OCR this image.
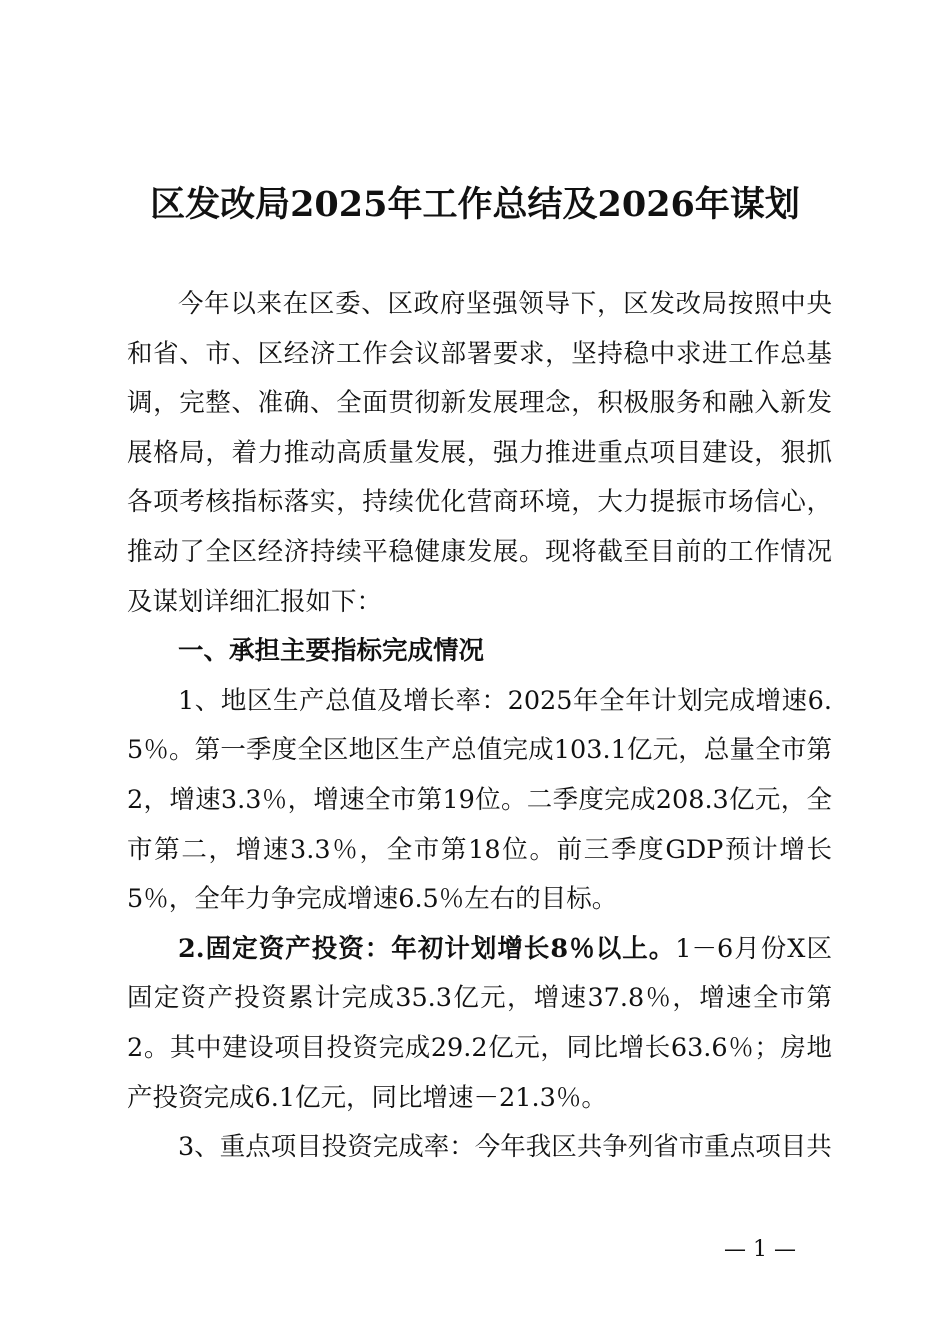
区发改局2025年工作总结及2026年谋划

今年以来在区委、区政府坚强领导下，区发改局按照中央和省、市、区经济工作会议部署要求，坚持稳中求进工作总基调，完整、准确、全面贯彻新发展理念，积极服务和融入新发展格局，着力推动高质量发展，强力推进重点项目建设，狠抓各项考核指标落实，持续优化营商环境，大力提振市场信心，推动了全区经济持续平稳健康发展。现将截至目前的工作情况及谋划详细汇报如下：

一、承担主要指标完成情况

1、地区生产总值及增长率：2025年全年计划完成增速6.5％。第一季度全区地区生产总值完成103.1亿元，总量全市第2，增速3.3％，增速全市第19位。二季度完成208.3亿元，全市第二，增速3.3％，全市第18位。前三季度GDP预计增长5％，全年力争完成增速6.5％左右的目标。

2.固定资产投资：年初计划增长8％以上。1－6月份X区固定资产投资累计完成35.3亿元，增速37.8％，增速全市第2。其中建设项目投资完成29.2亿元，同比增长63.6％；房地产投资完成6.1亿元，同比增速－21.3％。

3、重点项目投资完成率：今年我区共争列省市重点项目共

— 1 —
